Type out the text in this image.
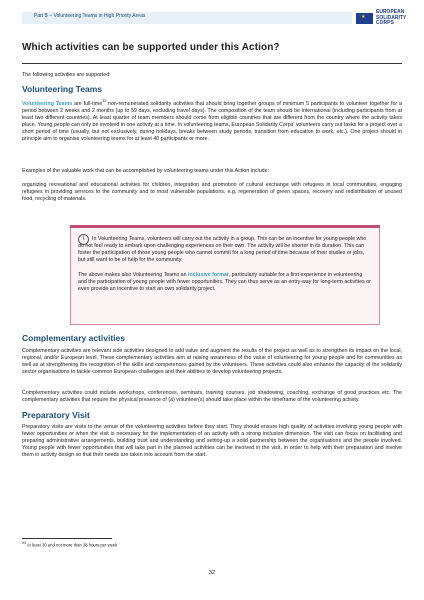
Part B – Volunteering Teams in High Priority Areas	★
EUROPEAN
SOLIDARITY
CORPS
Which activities can be supported under this Action?
The following activities are supported:
Volunteering Teams
Volunteering Teams are full-time$^{33}$ non-remunerated solidarity activities that should bring together groups of minimum 5 participants to volunteer together for a period between 2 weeks and 2 months (up to 59 days, excluding travel days). The composition of the team should be international (including participants from at least two different countries). At least quarter of team members should come from eligible countries that are different from the country where the activity takes place. Young people can only be involved in one activity at a time. In volunteering teams, European Solidarity Corps' volunteers carry out tasks for a project over a short period of time (usually, but not exclusively, during holidays, breaks between study periods, transition from education to work, etc.). One project should in principle aim to organise volunteering teams for at least 40 participants or more.
Examples of the valuable work that can be accomplished by volunteering teams under this Action include:
organizing recreational and educational activities for children, integration and promotion of cultural exchange with refugees in local communities, engaging refugees in providing services to the community and to most vulnerable populations, e.g. regeneration of green spaces, recovery and redistribution of unused food, recycling of materials.
i	In Volunteering Teams, volunteers will carry out the activity in a group. This can be an incentive for young people who do not feel ready to embark upon challenging experiences on their own. The activity will be shorter in its duration. This can foster the participation of those young people who cannot commit for a long period of time because of their studies or jobs, but still want to be of help for the community.
The above makes also Volunteering Teams an inclusive format, particularly suitable for a first experience in volunteering and the participation of young people with fewer opportunities. They can thus serve as an entry-way for long-term activities or even provide an incentive to start an own solidarity project.
Complementary activities
Complementary activities are relevant side activities designed to add value and augment the results of the project as well as to strengthen its impact on the local, regional, and/or European level. These complementary activities aim at raising awareness of the value of volunteering for young people and for communities as well as at strengthening the recognition of the skills and competences gained by the volunteers. These activities could also enhance the capacity of the solidarity sector organisations to tackle common European challenges and their abilities to develop volunteering projects.
Complementary activities could include workshops, conferences, seminars, training courses, job shadowing, coaching, exchange of good practices etc. The complementary activities that require the physical presence of (a) volunteer(s) should take place within the timeframe of the volunteering activity.
Preparatory Visit
Preparatory visits are visits to the venue of the volunteering activities before they start. They should ensure high quality of activities involving young people with fewer opportunities or when the visit is necessary for the implementation of an activity with a strong inclusion dimension. The visit can focus on facilitating and preparing administrative arrangements, building trust and understanding and setting-up a solid partnership between the organisations and the people involved. Young people with fewer opportunities that will take part in the planned activities can be involved in the visit, in order to help with their preparation and involve them in activity design so that their needs are taken into account from the start.
$^{33}$ At least 30 and not more than 38 hours per week
32
